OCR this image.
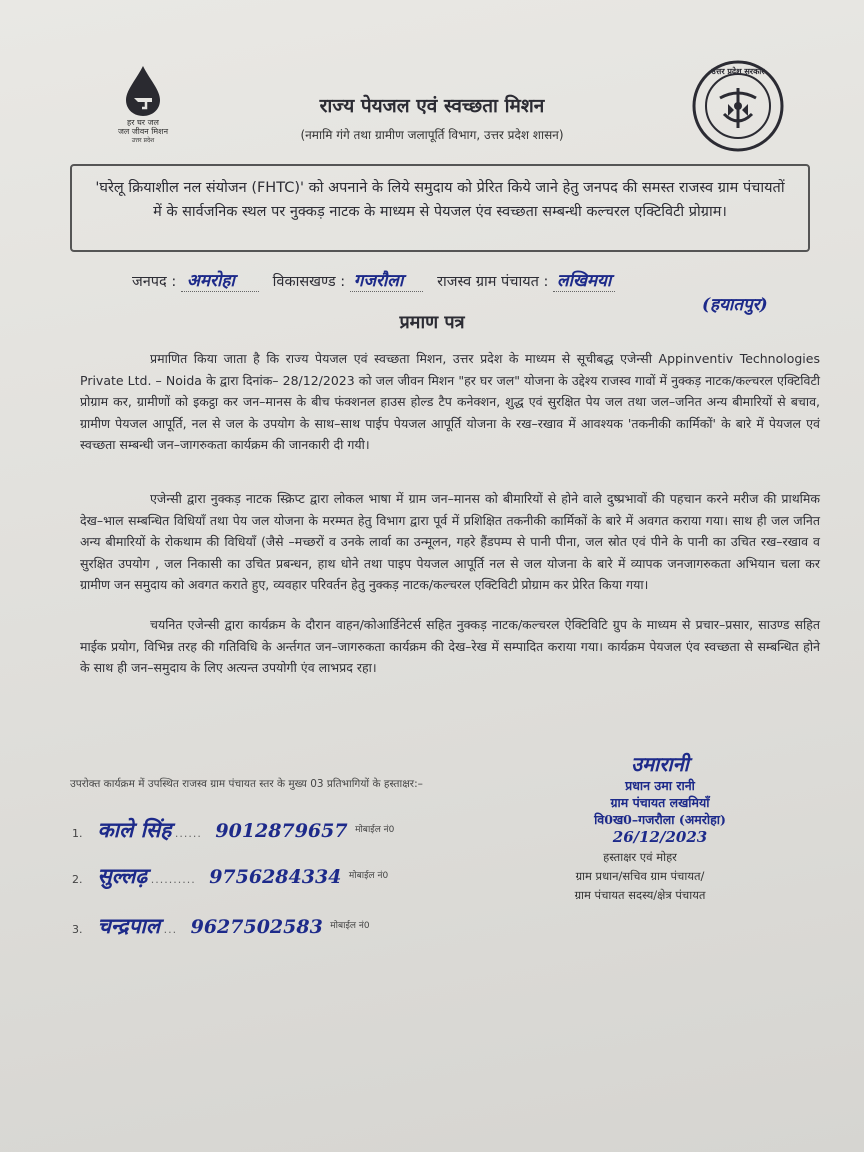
हर घर जल
जल जीवन मिशन
उत्तर प्रदेश
उत्तर प्रदेश सरकार
राज्य पेयजल एवं स्वच्छता मिशन
(नमामि गंगे तथा ग्रामीण जलापूर्ति विभाग, उत्तर प्रदेश शासन)
'घरेलू क्रियाशील नल संयोजन (FHTC)' को अपनाने के लिये समुदाय को प्रेरित किये जाने हेतु जनपद की समस्त राजस्व ग्राम पंचायतों में के सार्वजनिक स्थल पर नुक्कड़ नाटक के माध्यम से पेयजल एंव स्वच्छता सम्बन्धी कल्चरल एक्टिविटी प्रोग्राम।
जनपद : अमरोहा	विकासखण्ड : गजरौला राजस्व ग्राम पंचायत : लखिमया
(हयातपुर)
प्रमाण पत्र
प्रमाणित किया जाता है कि राज्य पेयजल एवं स्वच्छता मिशन, उत्तर प्रदेश के माध्यम से सूचीबद्ध एजेन्सी Appinventiv Technologies Private Ltd. – Noida के द्वारा दिनांक– 28/12/2023 को जल जीवन मिशन "हर घर जल" योजना के उद्देश्य राजस्व गावों में नुक्कड़ नाटक/कल्चरल एक्टिविटी प्रोग्राम कर, ग्रामीणों को इकट्ठा कर जन–मानस के बीच फंक्शनल हाउस होल्ड टैप कनेक्शन, शुद्ध एवं सुरक्षित पेय जल तथा जल–जनित अन्य बीमारियों से बचाव, ग्रामीण पेयजल आपूर्ति, नल से जल के उपयोग के साथ–साथ पाईप पेयजल आपूर्ति योजना के रख–रखाव में आवश्यक 'तकनीकी कार्मिकों' के बारे में पेयजल एवं स्वच्छता सम्बन्धी जन–जागरुकता कार्यक्रम की जानकारी दी गयी।
एजेन्सी द्वारा नुक्कड़ नाटक स्क्रिप्ट द्वारा लोकल भाषा में ग्राम जन–मानस को बीमारियों से होने वाले दुष्प्रभावों की पहचान करने मरीज की प्राथमिक देख–भाल सम्बन्धित विधियाँ तथा पेय जल योजना के मरम्मत हेतु विभाग द्वारा पूर्व में प्रशिक्षित तकनीकी कार्मिकों के बारे में अवगत कराया गया। साथ ही जल जनित अन्य बीमारियों के रोकथाम की विधियाँ (जैसे –मच्छरों व उनके लार्वा का उन्मूलन, गहरे हैंडपम्प से पानी पीना, जल स्रोत एवं पीने के पानी का उचित रख–रखाव व सुरक्षित उपयोग , जल निकासी का उचित प्रबन्धन, हाथ धोने तथा पाइप पेयजल आपूर्ति नल से जल योजना के बारे में व्यापक जनजागरुकता अभियान चला कर ग्रामीण जन समुदाय को अवगत कराते हुए, व्यवहार परिवर्तन हेतु नुक्कड़ नाटक/कल्चरल एक्टिविटी प्रोग्राम कर प्रेरित किया गया।
चयनित एजेन्सी द्वारा कार्यक्रम के दौरान वाहन/कोआर्डिनेटर्स सहित नुक्कड़ नाटक/कल्चरल ऐक्टिविटि ग्रुप के माध्यम से प्रचार–प्रसार, साउण्ड सहित माईक प्रयोग, विभिन्न तरह की गतिविधि के अर्न्तगत जन–जागरुकता कार्यक्रम की देख–रेख में सम्पादित कराया गया। कार्यक्रम पेयजल एंव स्वच्छता से सम्बन्धित होने के साथ ही जन–समुदाय के लिए अत्यन्त उपयोगी एंव लाभप्रद रहा।
उमारानी
प्रधान उमा रानी
ग्राम पंचायत लखमियाँ
वि0ख0–गजरौला (अमरोहा)
26/12/2023
हस्ताक्षर एवं मोहर
ग्राम प्रधान/सचिव ग्राम पंचायत/
ग्राम पंचायत सदस्य/क्षेत्र पंचायत
उपरोक्त कार्यक्रम में उपस्थित राजस्व ग्राम पंचायत स्तर के मुख्य 03 प्रतिभागियों के हस्ताक्षर:–
1. काले सिंह ...... 9012879657 $^{मोबाईल नं0}$
2. सुल्लढ़ .......... 9756284334 $^{मोबाईल नं0}$
3. चन्द्रपाल ... 9627502583 $^{मोबाईल नं0}$
